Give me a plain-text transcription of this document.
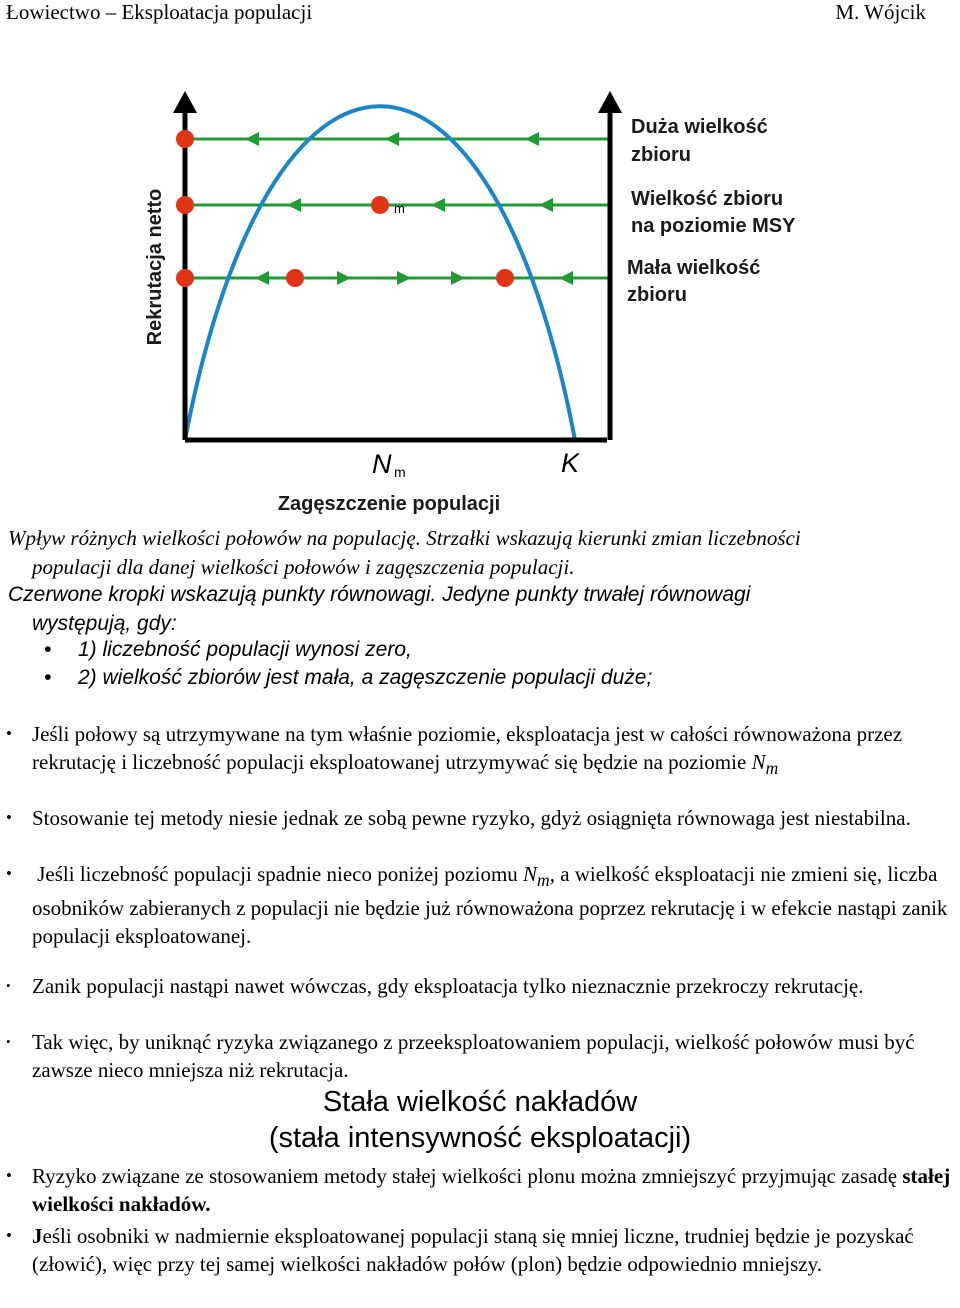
Łowiectwo – Eksploatacja populacji	M. Wójcik
m
Rekrutacja netto
N m	K
Zagęszczenie populacji
Duża wielkość
zbioru
Wielkość zbioru
na poziomie MSY
Mała wielkość
zbioru
Wpływ różnych wielkości połowów na populację. Strzałki wskazują kierunki zmian liczebności

populacji dla danej wielkości połowów i zagęszczenia populacji.
Czerwone kropki wskazują punkty równowagi. Jedyne punkty trwałej równowagi

występują, gdy:
• 1) liczebność populacji wynosi zero,
• 2) wielkość zbiorów jest mała, a zagęszczenie populacji duże;
• Jeśli połowy są utrzymywane na tym właśnie poziomie, eksploatacja jest w całości równoważona przez rekrutację i liczebność populacji eksploatowanej utrzymywać się będzie na poziomie $N_m$
• Stosowanie tej metody niesie jednak ze sobą pewne ryzyko, gdyż osiągnięta równowaga jest niestabilna.
• Jeśli liczebność populacji spadnie nieco poniżej poziomu $N_m$, a wielkość eksploatacji nie zmieni się, liczba osobników zabieranych z populacji nie będzie już równoważona poprzez rekrutację i w efekcie nastąpi zanik populacji eksploatowanej.
• Zanik populacji nastąpi nawet wówczas, gdy eksploatacja tylko nieznacznie przekroczy rekrutację.
• Tak więc, by uniknąć ryzyka związanego z przeeksploatowaniem populacji, wielkość połowów musi być zawsze nieco mniejsza niż rekrutacja.
Stała wielkość nakładów
(stała intensywność eksploatacji)
• Ryzyko związane ze stosowaniem metody stałej wielkości plonu można zmniejszyć przyjmując zasadę stałej wielkości nakładów.
• Jeśli osobniki w nadmiernie eksploatowanej populacji staną się mniej liczne, trudniej będzie je pozyskać (złowić), więc przy tej samej wielkości nakładów połów (plon) będzie odpowiednio mniejszy.
